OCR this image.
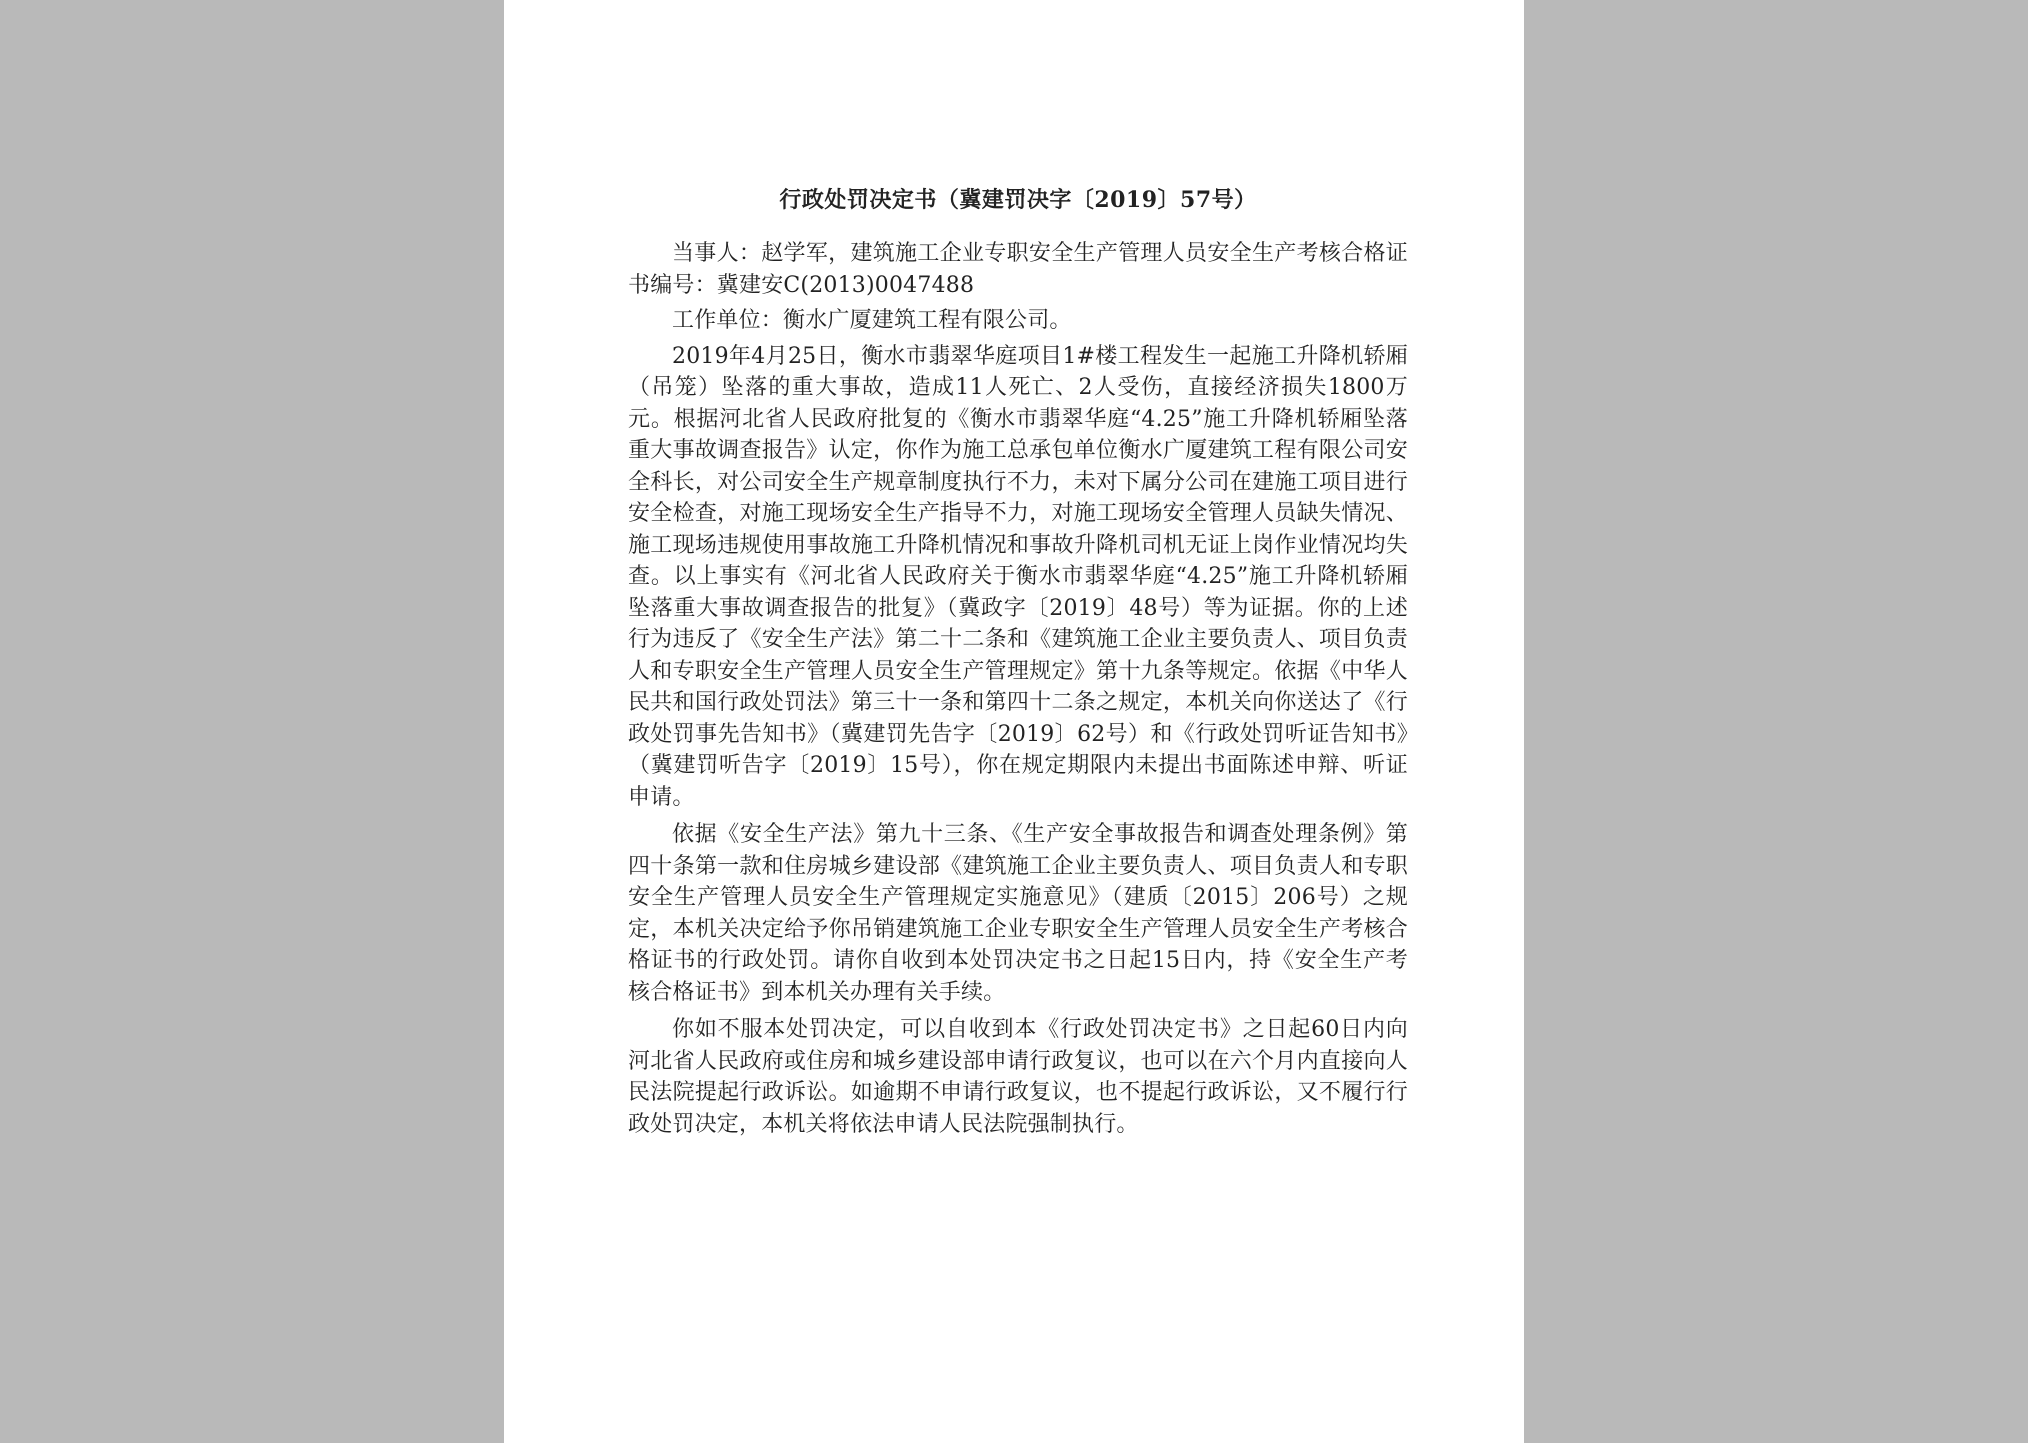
行政处罚决定书（冀建罚决字〔2019〕57号）

当事人：赵学军，建筑施工企业专职安全生产管理人员安全生产考核合格证书编号：冀建安C(2013)0047488

工作单位：衡水广厦建筑工程有限公司。

2019年4月25日，衡水市翡翠华庭项目1#楼工程发生一起施工升降机轿厢（吊笼）坠落的重大事故，造成11人死亡、2人受伤，直接经济损失1800万元。根据河北省人民政府批复的《衡水市翡翠华庭“4.25”施工升降机轿厢坠落重大事故调查报告》认定，你作为施工总承包单位衡水广厦建筑工程有限公司安全科长，对公司安全生产规章制度执行不力，未对下属分公司在建施工项目进行安全检查，对施工现场安全生产指导不力，对施工现场安全管理人员缺失情况、施工现场违规使用事故施工升降机情况和事故升降机司机无证上岗作业情况均失查。以上事实有《河北省人民政府关于衡水市翡翠华庭“4.25”施工升降机轿厢坠落重大事故调查报告的批复》（冀政字〔2019〕48号）等为证据。你的上述行为违反了《安全生产法》第二十二条和《建筑施工企业主要负责人、项目负责人和专职安全生产管理人员安全生产管理规定》第十九条等规定。依据《中华人民共和国行政处罚法》第三十一条和第四十二条之规定，本机关向你送达了《行政处罚事先告知书》（冀建罚先告字〔2019〕62号）和《行政处罚听证告知书》（冀建罚听告字〔2019〕15号），你在规定期限内未提出书面陈述申辩、听证申请。

依据《安全生产法》第九十三条、《生产安全事故报告和调查处理条例》第四十条第一款和住房城乡建设部《建筑施工企业主要负责人、项目负责人和专职安全生产管理人员安全生产管理规定实施意见》（建质〔2015〕206号）之规定，本机关决定给予你吊销建筑施工企业专职安全生产管理人员安全生产考核合格证书的行政处罚。请你自收到本处罚决定书之日起15日内，持《安全生产考核合格证书》到本机关办理有关手续。

你如不服本处罚决定，可以自收到本《行政处罚决定书》之日起60日内向河北省人民政府或住房和城乡建设部申请行政复议，也可以在六个月内直接向人民法院提起行政诉讼。如逾期不申请行政复议，也不提起行政诉讼，又不履行行政处罚决定，本机关将依法申请人民法院强制执行。
